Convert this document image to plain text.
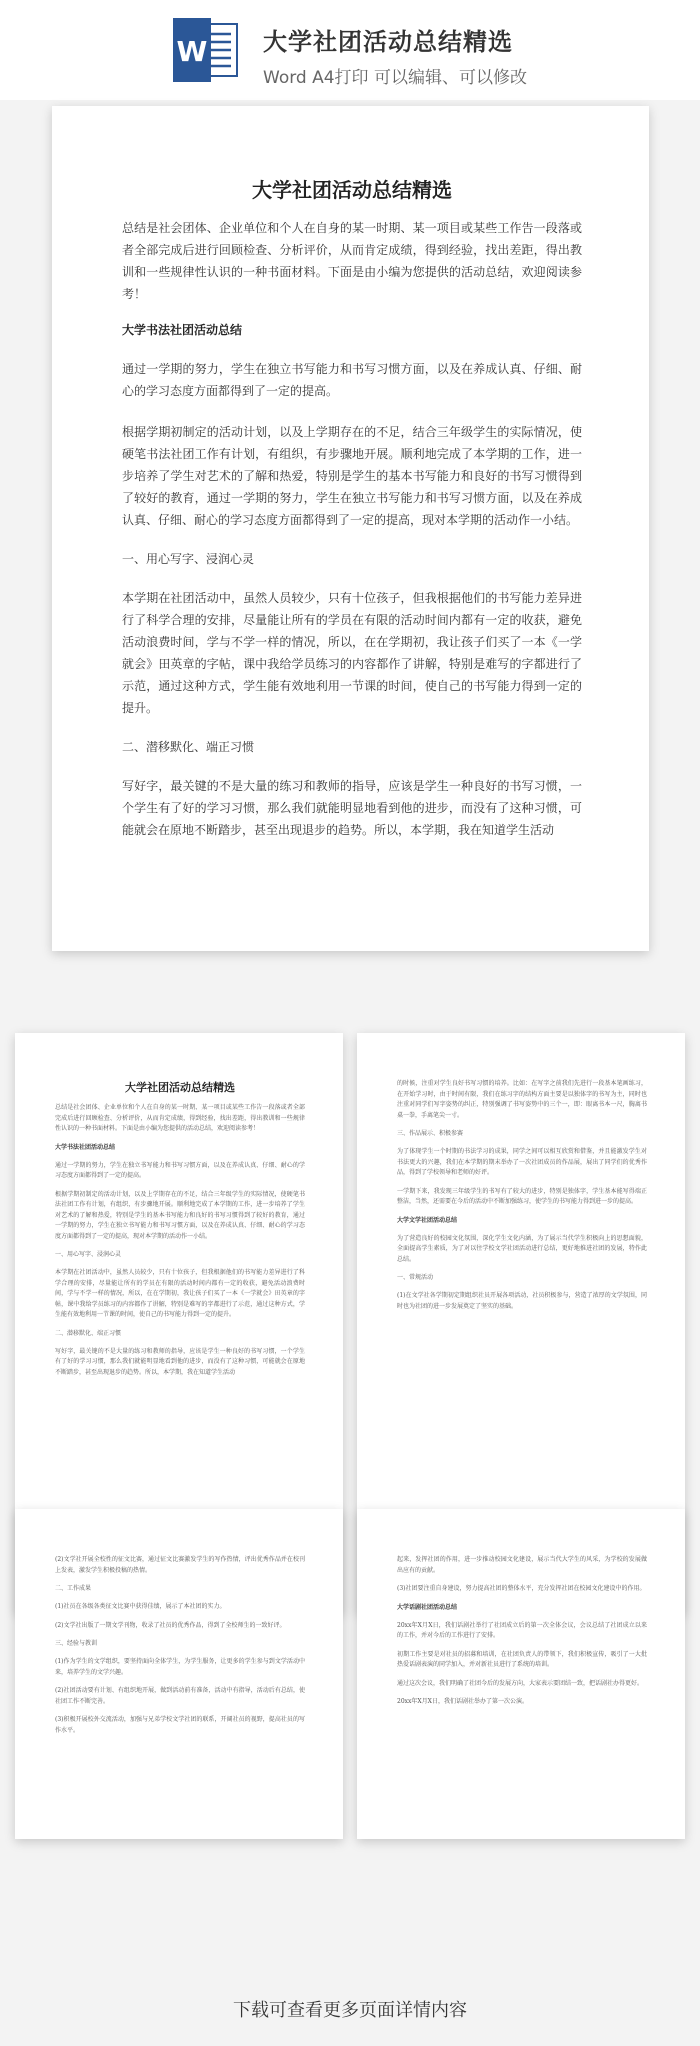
W 大学社团活动总结精选
Word A4打印 可以编辑、可以修改
大学社团活动总结精选

总结是社会团体、企业单位和个人在自身的某一时期、某一项目或某些工作告一段落或者全部完成后进行回顾检查、分析评价，从而肯定成绩，得到经验，找出差距，得出教训和一些规律性认识的一种书面材料。下面是由小编为您提供的活动总结，欢迎阅读参考！

大学书法社团活动总结

通过一学期的努力，学生在独立书写能力和书写习惯方面，以及在养成认真、仔细、耐心的学习态度方面都得到了一定的提高。

根据学期初制定的活动计划，以及上学期存在的不足，结合三年级学生的实际情况，使硬笔书法社团工作有计划，有组织，有步骤地开展。顺利地完成了本学期的工作，进一步培养了学生对艺术的了解和热爱，特别是学生的基本书写能力和良好的书写习惯得到了较好的教育，通过一学期的努力，学生在独立书写能力和书写习惯方面，以及在养成认真、仔细、耐心的学习态度方面都得到了一定的提高，现对本学期的活动作一小结。

一、用心写字、浸润心灵

本学期在社团活动中，虽然人员较少，只有十位孩子，但我根据他们的书写能力差异进行了科学合理的安排，尽量能让所有的学员在有限的活动时间内都有一定的收获，避免活动浪费时间，学与不学一样的情况，所以，在在学期初，我让孩子们买了一本《一学就会》田英章的字帖，课中我给学员练习的内容都作了讲解，特别是难写的字都进行了示范，通过这种方式，学生能有效地利用一节课的时间，使自己的书写能力得到一定的提升。

二、潜移默化、端正习惯

写好字，最关键的不是大量的练习和教师的指导，应该是学生一种良好的书写习惯，一个学生有了好的学习习惯，那么我们就能明显地看到他的进步，而没有了这种习惯，可能就会在原地不断踏步，甚至出现退步的趋势。所以，本学期，我在知道学生活动

大学社团活动总结精选

总结是社会团体、企业单位和个人在自身的某一时期、某一项目或某些工作告一段落或者全部完成后进行回顾检查、分析评价，从而肯定成绩，得到经验，找出差距，得出教训和一些规律性认识的一种书面材料。下面是由小编为您提供的活动总结，欢迎阅读参考！

大学书法社团活动总结

通过一学期的努力，学生在独立书写能力和书写习惯方面，以及在养成认真、仔细、耐心的学习态度方面都得到了一定的提高。

根据学期初制定的活动计划，以及上学期存在的不足，结合三年级学生的实际情况，使硬笔书法社团工作有计划，有组织，有步骤地开展。顺利地完成了本学期的工作，进一步培养了学生对艺术的了解和热爱，特别是学生的基本书写能力和良好的书写习惯得到了较好的教育，通过一学期的努力，学生在独立书写能力和书写习惯方面，以及在养成认真、仔细、耐心的学习态度方面都得到了一定的提高，现对本学期的活动作一小结。

一、用心写字、浸润心灵

本学期在社团活动中，虽然人员较少，只有十位孩子，但我根据他们的书写能力差异进行了科学合理的安排，尽量能让所有的学员在有限的活动时间内都有一定的收获，避免活动浪费时间，学与不学一样的情况，所以，在在学期初，我让孩子们买了一本《一学就会》田英章的字帖，课中我给学员练习的内容都作了讲解，特别是难写的字都进行了示范，通过这种方式，学生能有效地利用一节课的时间，使自己的书写能力得到一定的提升。

二、潜移默化、端正习惯

写好字，最关键的不是大量的练习和教师的指导，应该是学生一种良好的书写习惯，一个学生有了好的学习习惯，那么我们就能明显地看到他的进步，而没有了这种习惯，可能就会在原地不断踏步，甚至出现退步的趋势。所以，本学期，我在知道学生活动

的时候，注重对学生良好书写习惯的培养。比如：在写字之前我们先进行一段基本笔画练习，在开始学习时，由于时间有限，我们在练习字的结构方面主要是以独体字的书写为主，同时也注重对同学们写字姿势的纠正，特别强调了书写姿势中的三个一，即：眼离书本一尺，胸离书桌一拳，手离笔尖一寸。

三、作品展示、积极参赛

为了体现学生一个时期的书法学习的成果，同学之间可以相互欣赏和借鉴，并且能激发学生对书法更大的兴趣，我们在本学期的期末举办了一次社团成员的作品展，展出了同学们的优秀作品，得到了学校领导和老师的好评。

一学期下来，我发现三年级学生的书写有了较大的进步，特别是独体字，学生基本能写得端正整洁，当然，还需要在今后的活动中不断加强练习，使学生的书写能力得到进一步的提高。

大学文学社团活动总结

为了营造良好的校园文化氛围，深化学生文化内涵，为了展示当代学生积极向上的思想面貌，全面提高学生素质，为了对以往学校文学社团活动进行总结，更好地推进社团的发展，特作此总结。

一、常规活动

(1)在文学社各学期初定期组织社员开展各项活动，社员积极参与，营造了浓厚的文学氛围，同时也为社团的进一步发展奠定了坚实的基础。

(2)文学社开展全校性的征文比赛，通过征文比赛激发学生的写作热情，评出优秀作品并在校刊上发表，激发学生积极投稿的热情。

二、工作成果

(1)社员在各级各类征文比赛中获得佳绩，展示了本社团的实力。

(2)文学社出版了一期文学刊物，收录了社员的优秀作品，得到了全校师生的一致好评。

三、经验与教训

(1)作为学生的文学组织，要坚持面向全体学生，为学生服务，让更多的学生参与到文学活动中来，培养学生的文学兴趣。

(2)社团活动要有计划、有组织地开展，做到活动前有准备，活动中有指导，活动后有总结，使社团工作不断完善。

(3)积极开展校外交流活动，加强与兄弟学校文学社团的联系，开阔社员的视野，提高社员的写作水平。

起来，发挥社团的作用，进一步推动校园文化建设，展示当代大学生的风采，为学校的发展做出应有的贡献。

(3)社团要注重自身建设，努力提高社团的整体水平，充分发挥社团在校园文化建设中的作用。

大学话剧社团活动总结

20xx年X月X日，我们话剧社举行了社团成立后的第一次全体会议，会议总结了社团成立以来的工作，并对今后的工作进行了安排。

初期工作主要是对社员的招募和培训，在社团负责人的带领下，我们积极宣传，吸引了一大批热爱话剧表演的同学加入，并对新社员进行了系统的培训。

通过这次会议，我们明确了社团今后的发展方向，大家表示要团结一致，把话剧社办得更好。

20xx年X月X日，我们话剧社举办了第一次公演。

下载可查看更多页面详情内容
